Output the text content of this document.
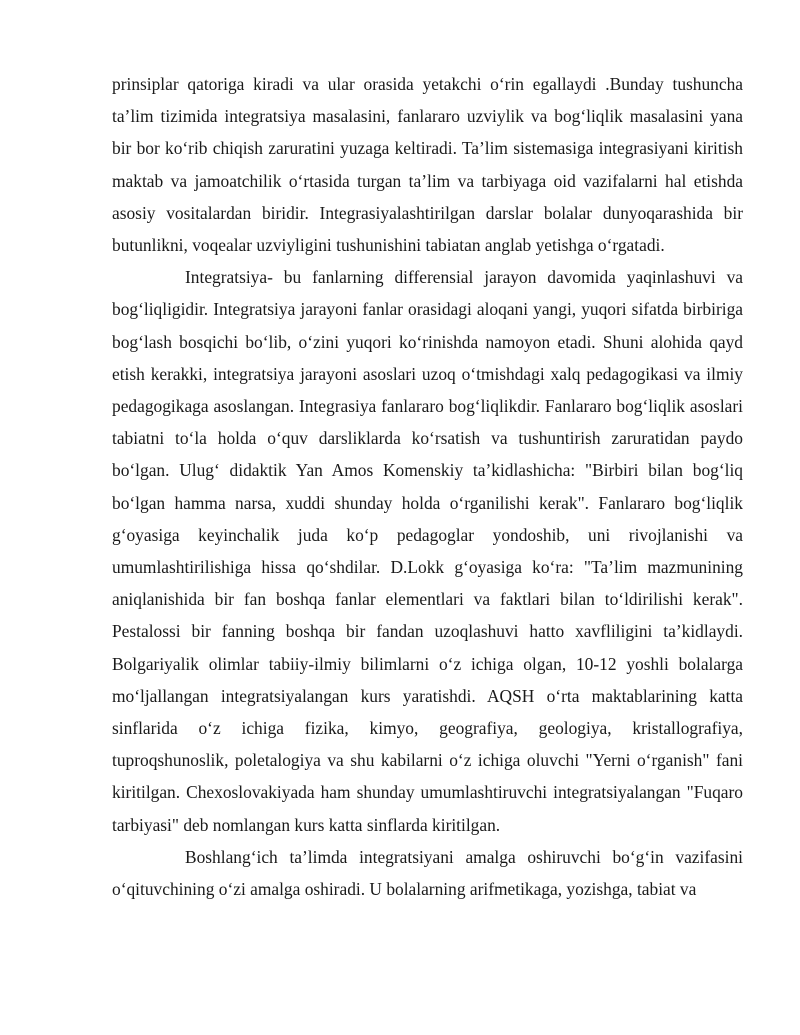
prinsiplar qatoriga kiradi va ular orasida yetakchi o‘rin egallaydi .Bunday tushuncha ta’lim tizimida integratsiya masalasini, fanlararo uzviylik va bog‘liqlik masalasini yana bir bor ko‘rib chiqish zaruratini yuzaga keltiradi. Ta’lim sistemasiga integrasiyani kiritish maktab va jamoatchilik o‘rtasida turgan ta’lim va tarbiyaga oid vazifalarni hal etishda asosiy vositalardan biridir. Integrasiyalashtirilgan darslar bolalar dunyoqarashida bir butunlikni, voqealar uzviyligini tushunishini tabiatan anglab yetishga o‘rgatadi.

Integratsiya- bu fanlarning differensial jarayon davomida yaqinlashuvi va bog‘liqligidir. Integratsiya jarayoni fanlar orasidagi aloqani yangi, yuqori sifatda birbiriga bog‘lash bosqichi bo‘lib, o‘zini yuqori ko‘rinishda namoyon etadi. Shuni alohida qayd etish kerakki, integratsiya jarayoni asoslari uzoq o‘tmishdagi xalq pedagogikasi va ilmiy pedagogikaga asoslangan. Integrasiya fanlararo bog‘liqlikdir. Fanlararo bog‘liqlik asoslari tabiatni to‘la holda o‘quv darsliklarda ko‘rsatish va tushuntirish zaruratidan paydo bo‘lgan. Ulug‘ didaktik Yan Amos Komenskiy ta’kidlashicha: "Birbiri bilan bog‘liq bo‘lgan hamma narsa, xuddi shunday holda o‘rganilishi kerak". Fanlararo bog‘liqlik g‘oyasiga keyinchalik juda ko‘p pedagoglar yondoshib, uni rivojlanishi va umumlashtirilishiga hissa qo‘shdilar. D.Lokk g‘oyasiga ko‘ra: "Ta’lim mazmunining aniqlanishida bir fan boshqa fanlar elementlari va faktlari bilan to‘ldirilishi kerak". Pestalossi bir fanning boshqa bir fandan uzoqlashuvi hatto xavfliligini ta’kidlaydi. Bolgariyalik olimlar tabiiy-ilmiy bilimlarni o‘z ichiga olgan, 10-12 yoshli bolalarga mo‘ljallangan integratsiyalangan kurs yaratishdi. AQSH o‘rta maktablarining katta sinflarida o‘z ichiga fizika, kimyo, geografiya, geologiya, kristallografiya, tuproqshunoslik, poletalogiya va shu kabilarni o‘z ichiga oluvchi "Yerni o‘rganish" fani kiritilgan. Chexoslovakiyada ham shunday umumlashtiruvchi integratsiyalangan "Fuqaro tarbiyasi" deb nomlangan kurs katta sinflarda kiritilgan.

Boshlang‘ich ta’limda integratsiyani amalga oshiruvchi bo‘g‘in vazifasini o‘qituvchining o‘zi amalga oshiradi. U bolalarning arifmetikaga, yozishga, tabiat va
